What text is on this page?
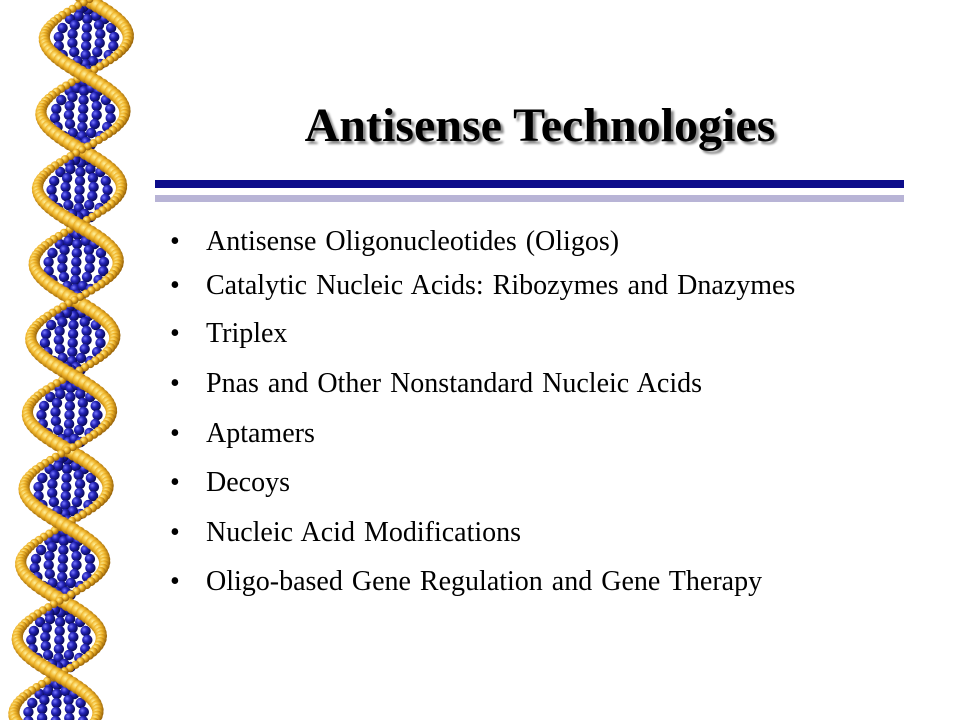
Antisense Technologies
• Antisense Oligonucleotides (Oligos)
• Catalytic Nucleic Acids: Ribozymes and Dnazymes
• Triplex
• Pnas and Other Nonstandard Nucleic Acids
• Aptamers
• Decoys
• Nucleic Acid Modifications
• Oligo-based Gene Regulation and Gene Therapy
